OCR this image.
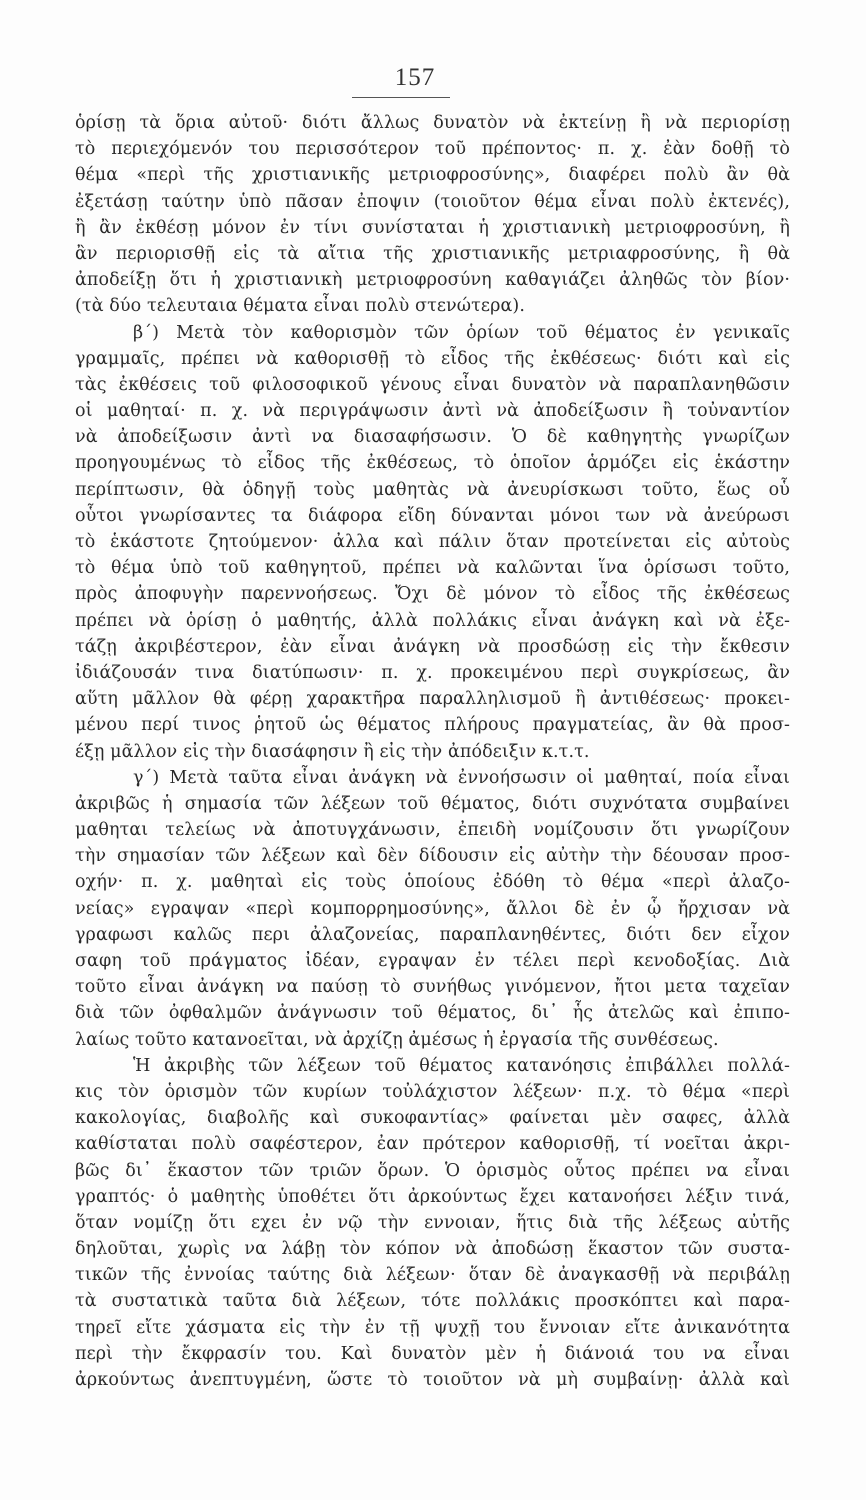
157
ὁρίσῃ τὰ ὅρια αὐτοῦ· διότι ἄλλως δυνατὸν νὰ ἐκτείνῃ ἢ νὰ περιορίσῃ
τὸ περιεχόμενόν του περισσότερον τοῦ πρέποντος· π. χ. ἐὰν δοθῇ τὸ
θέμα «περὶ τῆς χριστιανικῆς μετριοφροσύνης», διαφέρει πολὺ ἂν θὰ
ἐξετάσῃ ταύτην ὑπὸ πᾶσαν ἐποψιν (τοιοῦτον θέμα εἶναι πολὺ ἐκτενές),
ἢ ἂν ἐκθέσῃ μόνον ἐν τίνι συνίσταται ἡ χριστιανικὴ μετριοφροσύνη, ἢ
ἂν περιορισθῇ εἰς τὰ αἴτια τῆς χριστιανικῆς μετριαφροσύνης, ἢ θὰ
ἀποδείξῃ ὅτι ἡ χριστιανικὴ μετριοφροσύνη καθαγιάζει ἀληθῶς τὸν βίον·
(τὰ δύο τελευταια θέματα εἶναι πολὺ στενώτερα).
β´) Μετὰ τὸν καθορισμὸν τῶν ὁρίων τοῦ θέματος ἐν γενικαῖς
γραμμαῖς, πρέπει νὰ καθορισθῇ τὸ εἶδος τῆς ἐκθέσεως· διότι καὶ εἰς
τὰς ἐκθέσεις τοῦ φιλοσοφικοῦ γένους εἶναι δυνατὸν νὰ παραπλανηθῶσιν
οἱ μαθηταί· π. χ. νὰ περιγράψωσιν ἀντὶ νὰ ἀποδείξωσιν ἢ τοὐναντίον
νὰ ἀποδείξωσιν ἀντὶ να διασαφήσωσιν. Ὁ δὲ καθηγητὴς γνωρίζων
προηγουμένως τὸ εἶδος τῆς ἐκθέσεως, τὸ ὁποῖον ἁρμόζει εἰς ἑκάστην
περίπτωσιν, θὰ ὁδηγῇ τοὺς μαθητὰς νὰ ἀνευρίσκωσι τοῦτο, ἕως οὗ
οὗτοι γνωρίσαντες τα διάφορα εἴδη δύνανται μόνοι των νὰ ἀνεύρωσι
τὸ ἑκάστοτε ζητούμενον· ἀλλα καὶ πάλιν ὅταν προτείνεται εἰς αὐτοὺς
τὸ θέμα ὑπὸ τοῦ καθηγητοῦ, πρέπει νὰ καλῶνται ἵνα ὁρίσωσι τοῦτο,
πρὸς ἀποφυγὴν παρεννοήσεως. Ὄχι δὲ μόνον τὸ εἶδος τῆς ἐκθέσεως
πρέπει νὰ ὁρίσῃ ὁ μαθητής, ἀλλὰ πολλάκις εἶναι ἀνάγκη καὶ νὰ ἐξε-
τάζῃ ἀκριβέστερον, ἐὰν εἶναι ἀνάγκη νὰ προσδώσῃ εἰς τὴν ἔκθεσιν
ἰδιάζουσάν τινα διατύπωσιν· π. χ. προκειμένου περὶ συγκρίσεως, ἂν
αὕτη μᾶλλον θὰ φέρῃ χαρακτῆρα παραλληλισμοῦ ἢ ἀντιθέσεως· προκει-
μένου περί τινος ῥητοῦ ὡς θέματος πλήρους πραγματείας, ἂν θὰ προσ-
έξῃ μᾶλλον εἰς τὴν διασάφησιν ἢ εἰς τὴν ἀπόδειξιν κ.τ.τ.
γ´) Μετὰ ταῦτα εἶναι ἀνάγκη νὰ ἐννοήσωσιν οἱ μαθηταί, ποία εἶναι
ἀκριβῶς ἡ σημασία τῶν λέξεων τοῦ θέματος, διότι συχνότατα συμβαίνει
μαθηται τελείως νὰ ἀποτυγχάνωσιν, ἐπειδὴ νομίζουσιν ὅτι γνωρίζουν
τὴν σημασίαν τῶν λέξεων καὶ δὲν δίδουσιν εἰς αὐτὴν τὴν δέουσαν προσ-
οχήν· π. χ. μαθηταὶ εἰς τοὺς ὁποίους ἐδόθη τὸ θέμα «περὶ ἀλαζο-
νείας» εγραψαν «περὶ κομπορρημοσύνης», ἄλλοι δὲ ἐν ᾧ ἤρχισαν νὰ
γραφωσι καλῶς περι ἀλαζονείας, παραπλανηθέντες, διότι δεν εἶχον
σαφη τοῦ πράγματος ἰδέαν, εγραψαν ἐν τέλει περὶ κενοδοξίας. Διὰ
τοῦτο εἶναι ἀνάγκη να παύσῃ τὸ συνήθως γινόμενον, ἤτοι μετα ταχεῖαν
διὰ τῶν ὀφθαλμῶν ἀνάγνωσιν τοῦ θέματος, δι᾽ ἧς ἀτελῶς καὶ ἐπιπο-
λαίως τοῦτο κατανοεῖται, νὰ ἀρχίζῃ ἀμέσως ἡ ἐργασία τῆς συνθέσεως.
Ἡ ἀκριβὴς τῶν λέξεων τοῦ θέματος κατανόησις ἐπιβάλλει πολλά-
κις τὸν ὁρισμὸν τῶν κυρίων τοὐλάχιστον λέξεων· π.χ. τὸ θέμα «περὶ
κακολογίας, διαβολῆς καὶ συκοφαντίας» φαίνεται μὲν σαφες, ἀλλὰ
καθίσταται πολὺ σαφέστερον, ἐαν πρότερον καθορισθῇ, τί νοεῖται ἀκρι-
βῶς δι᾽ ἕκαστον τῶν τριῶν ὅρων. Ὁ ὁρισμὸς οὗτος πρέπει να εἶναι
γραπτός· ὁ μαθητὴς ὑποθέτει ὅτι ἀρκούντως ἔχει κατανοήσει λέξιν τινά,
ὅταν νομίζῃ ὅτι εχει ἐν νῷ τὴν εννοιαν, ἥτις διὰ τῆς λέξεως αὐτῆς
δηλοῦται, χωρὶς να λάβῃ τὸν κόπον νὰ ἀποδώσῃ ἕκαστον τῶν συστα-
τικῶν τῆς ἐννοίας ταύτης διὰ λέξεων· ὅταν δὲ ἀναγκασθῇ νὰ περιβάλῃ
τὰ συστατικὰ ταῦτα διὰ λέξεων, τότε πολλάκις προσκόπτει καὶ παρα-
τηρεῖ εἴτε χάσματα εἰς τὴν ἐν τῇ ψυχῇ του ἔννοιαν εἴτε ἀνικανότητα
περὶ τὴν ἔκφρασίν του. Καὶ δυνατὸν μὲν ἡ διάνοιά του να εἶναι
ἀρκούντως ἀνεπτυγμένη, ὥστε τὸ τοιοῦτον νὰ μὴ συμβαίνῃ· ἀλλὰ καὶ
